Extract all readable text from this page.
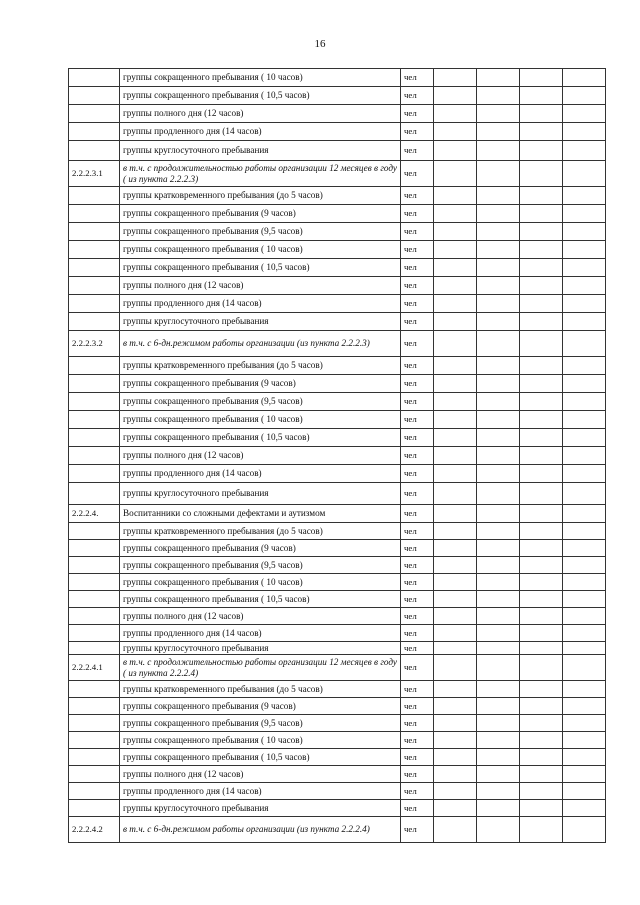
16
	группы сокращенного пребывания ( 10 часов)	чел				
	группы сокращенного пребывания ( 10,5 часов)	чел				
	группы полного дня (12 часов)	чел				
	группы продленного дня (14 часов)	чел				
	группы круглосуточного пребывания	чел				
2.2.2.3.1	в т.ч. с продолжительностью работы организации 12 месяцев в году ( из пункта 2.2.2.3)	чел				
	группы кратковременного пребывания (до 5 часов)	чел				
	группы сокращенного пребывания (9 часов)	чел				
	группы сокращенного пребывания (9,5 часов)	чел				
	группы сокращенного пребывания ( 10 часов)	чел				
	группы сокращенного пребывания ( 10,5 часов)	чел				
	группы полного дня (12 часов)	чел				
	группы продленного дня (14 часов)	чел				
	группы круглосуточного пребывания	чел				
2.2.2.3.2	в т.ч. с 6-дн.режимом работы организации (из пункта 2.2.2.3)	чел				
	группы кратковременного пребывания (до 5 часов)	чел				
	группы сокращенного пребывания (9 часов)	чел				
	группы сокращенного пребывания (9,5 часов)	чел				
	группы сокращенного пребывания ( 10 часов)	чел				
	группы сокращенного пребывания ( 10,5 часов)	чел				
	группы полного дня (12 часов)	чел				
	группы продленного дня (14 часов)	чел				
	группы круглосуточного пребывания	чел				
2.2.2.4.	Воспитанники со сложными дефектами и аутизмом	чел				
	группы кратковременного пребывания (до 5 часов)	чел				
	группы сокращенного пребывания (9 часов)	чел				
	группы сокращенного пребывания (9,5 часов)	чел				
	группы сокращенного пребывания ( 10 часов)	чел				
	группы сокращенного пребывания ( 10,5 часов)	чел				
	группы полного дня (12 часов)	чел				
	группы продленного дня (14 часов)	чел				
	группы круглосуточного пребывания	чел				
2.2.2.4.1	в т.ч. с продолжительностью работы организации 12 месяцев в году ( из пункта 2.2.2.4)	чел				
	группы кратковременного пребывания (до 5 часов)	чел				
	группы сокращенного пребывания (9 часов)	чел				
	группы сокращенного пребывания (9,5 часов)	чел				
	группы сокращенного пребывания ( 10 часов)	чел				
	группы сокращенного пребывания ( 10,5 часов)	чел				
	группы полного дня (12 часов)	чел				
	группы продленного дня (14 часов)	чел				
	группы круглосуточного пребывания	чел				
2.2.2.4.2	в т.ч. с 6-дн.режимом работы организации (из пункта 2.2.2.4)	чел				
